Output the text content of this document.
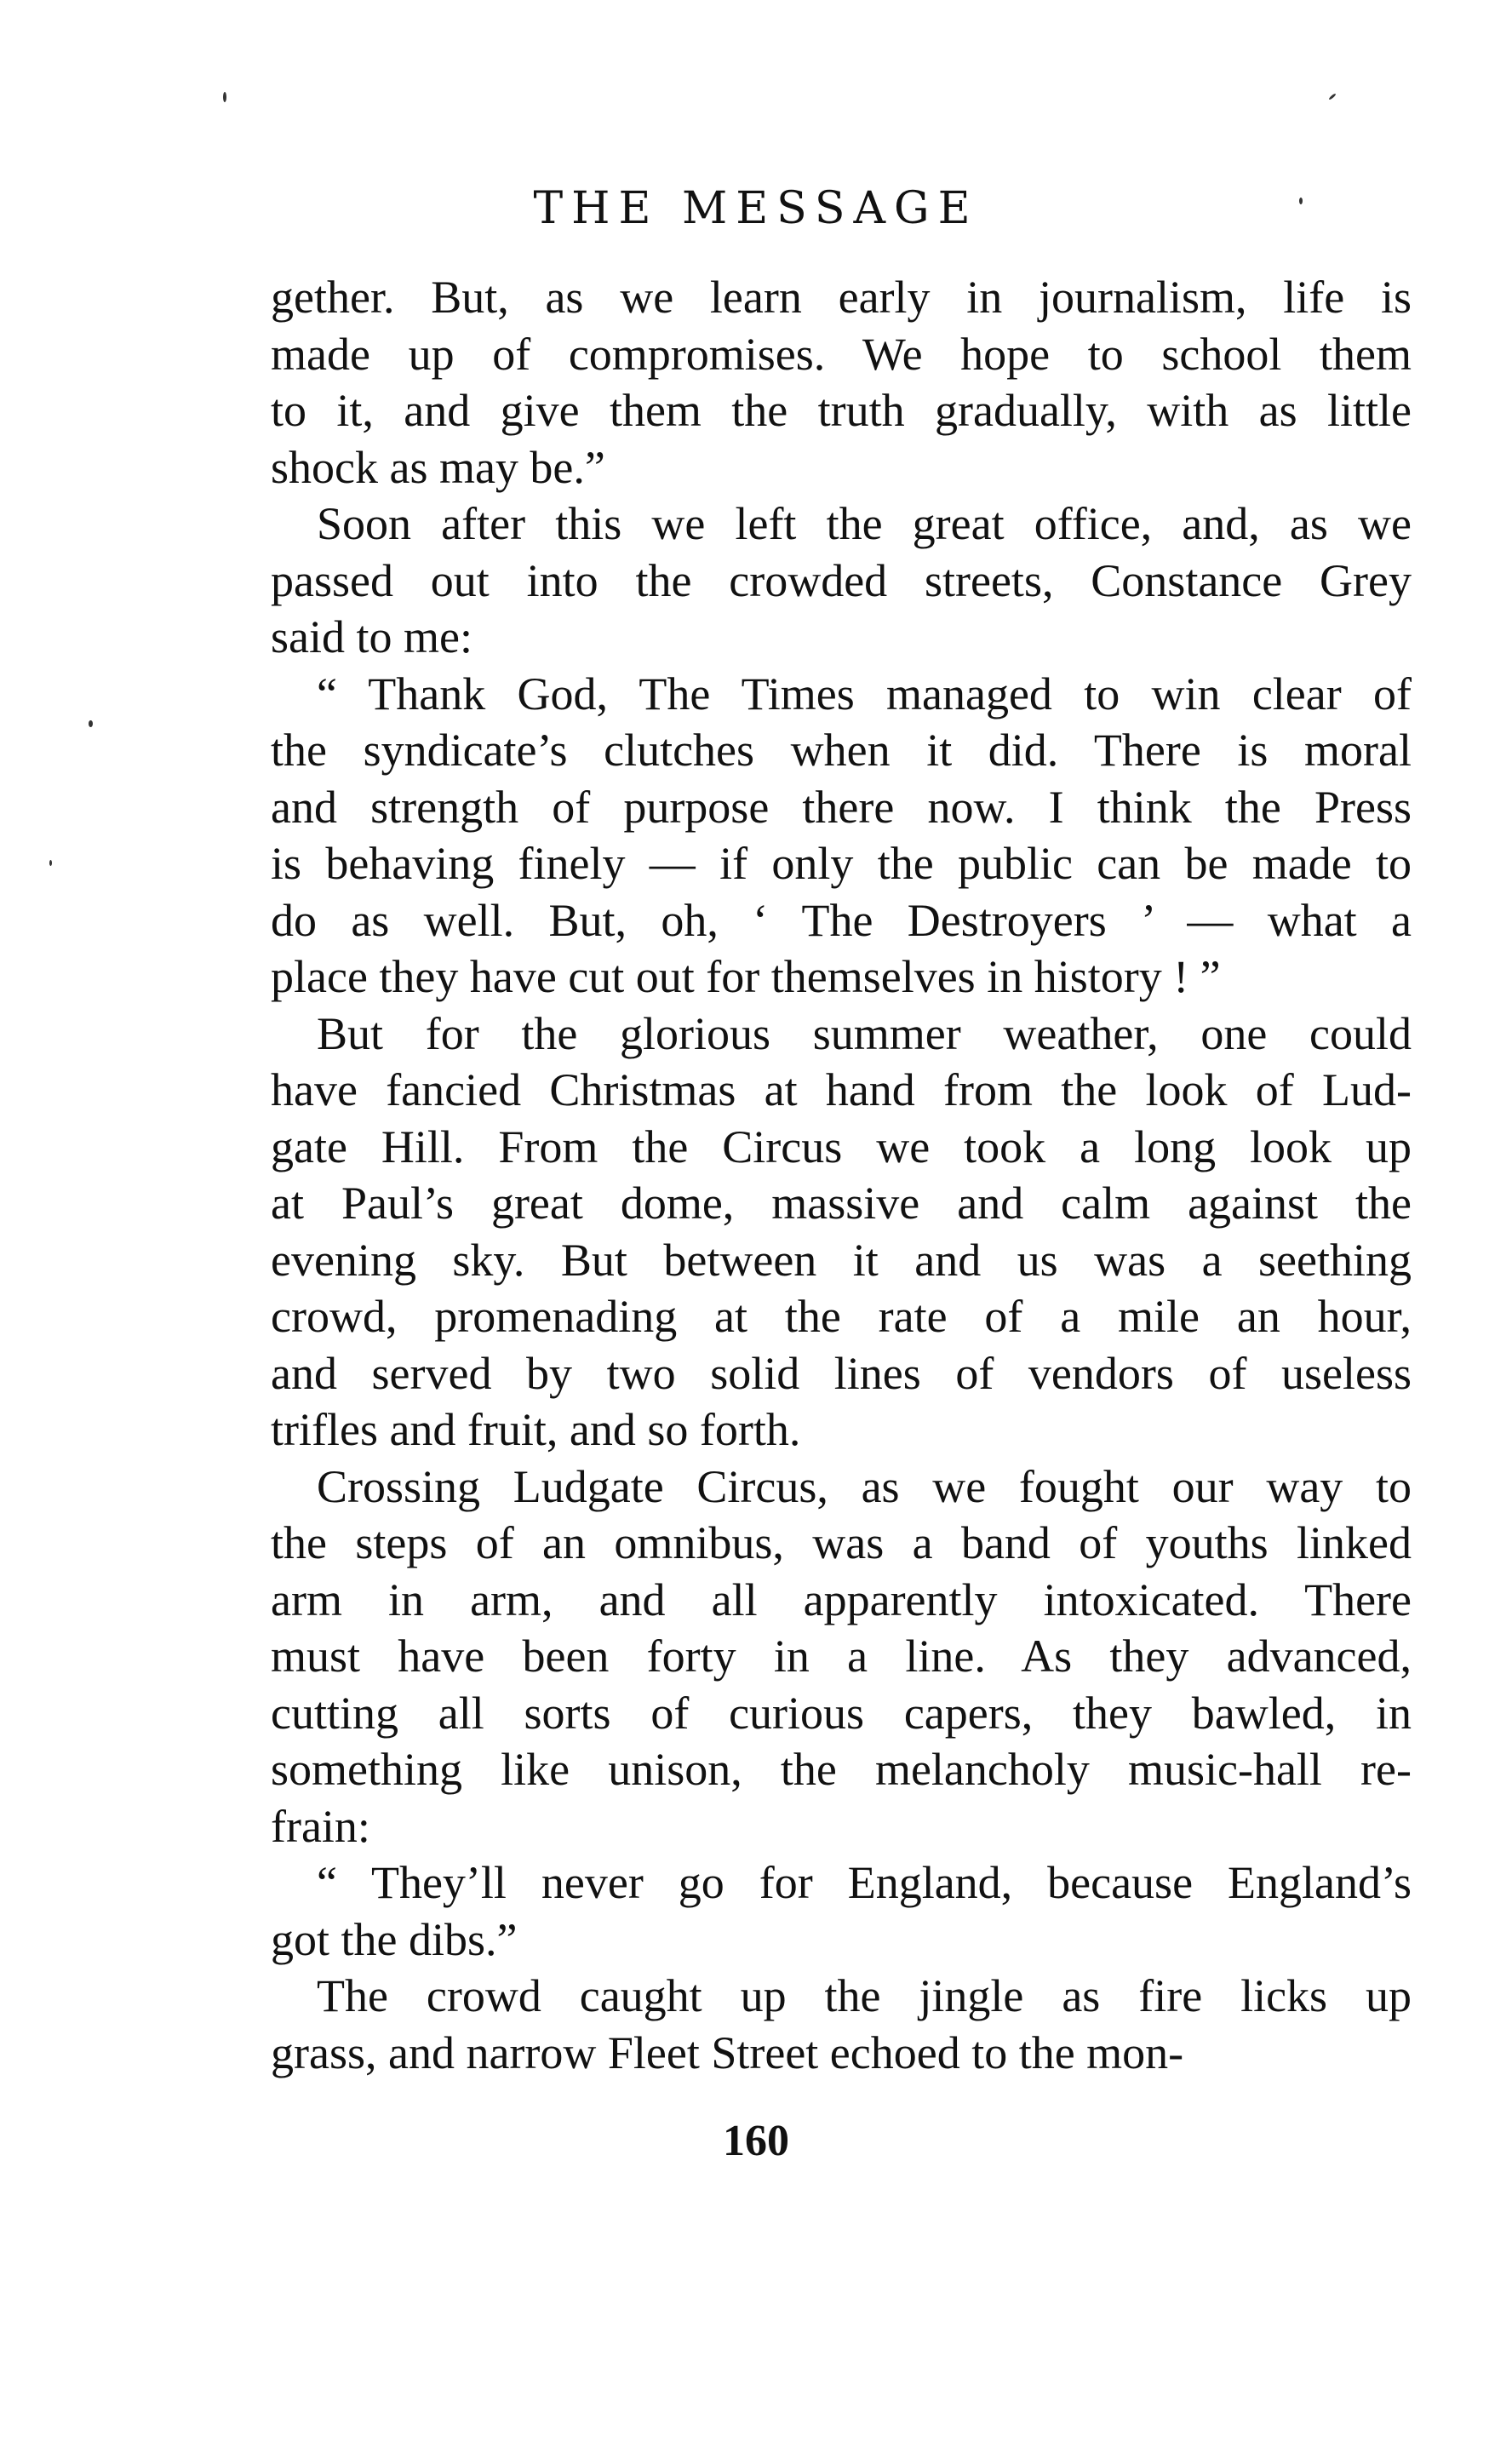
THE MESSAGE
gether. But, as we learn early in journalism, life is
made up of compromises. We hope to school them
to it, and give them the truth gradually, with as little
shock as may be.”
Soon after this we left the great office, and, as we
passed out into the crowded streets, Constance Grey
said to me:
“ Thank God, The Times managed to win clear of
the syndicate’s clutches when it did. There is moral
and strength of purpose there now. I think the Press
is behaving finely — if only the public can be made to
do as well. But, oh, ‘ The Destroyers ’ — what a
place they have cut out for themselves in history ! ”
But for the glorious summer weather, one could
have fancied Christmas at hand from the look of Lud-
gate Hill. From the Circus we took a long look up
at Paul’s great dome, massive and calm against the
evening sky. But between it and us was a seething
crowd, promenading at the rate of a mile an hour,
and served by two solid lines of vendors of useless
trifles and fruit, and so forth.
Crossing Ludgate Circus, as we fought our way to
the steps of an omnibus, was a band of youths linked
arm in arm, and all apparently intoxicated. There
must have been forty in a line. As they advanced,
cutting all sorts of curious capers, they bawled, in
something like unison, the melancholy music-hall re-
frain:
“ They’ll never go for England, because England’s
got the dibs.”
The crowd caught up the jingle as fire licks up
grass, and narrow Fleet Street echoed to the mon-
160
